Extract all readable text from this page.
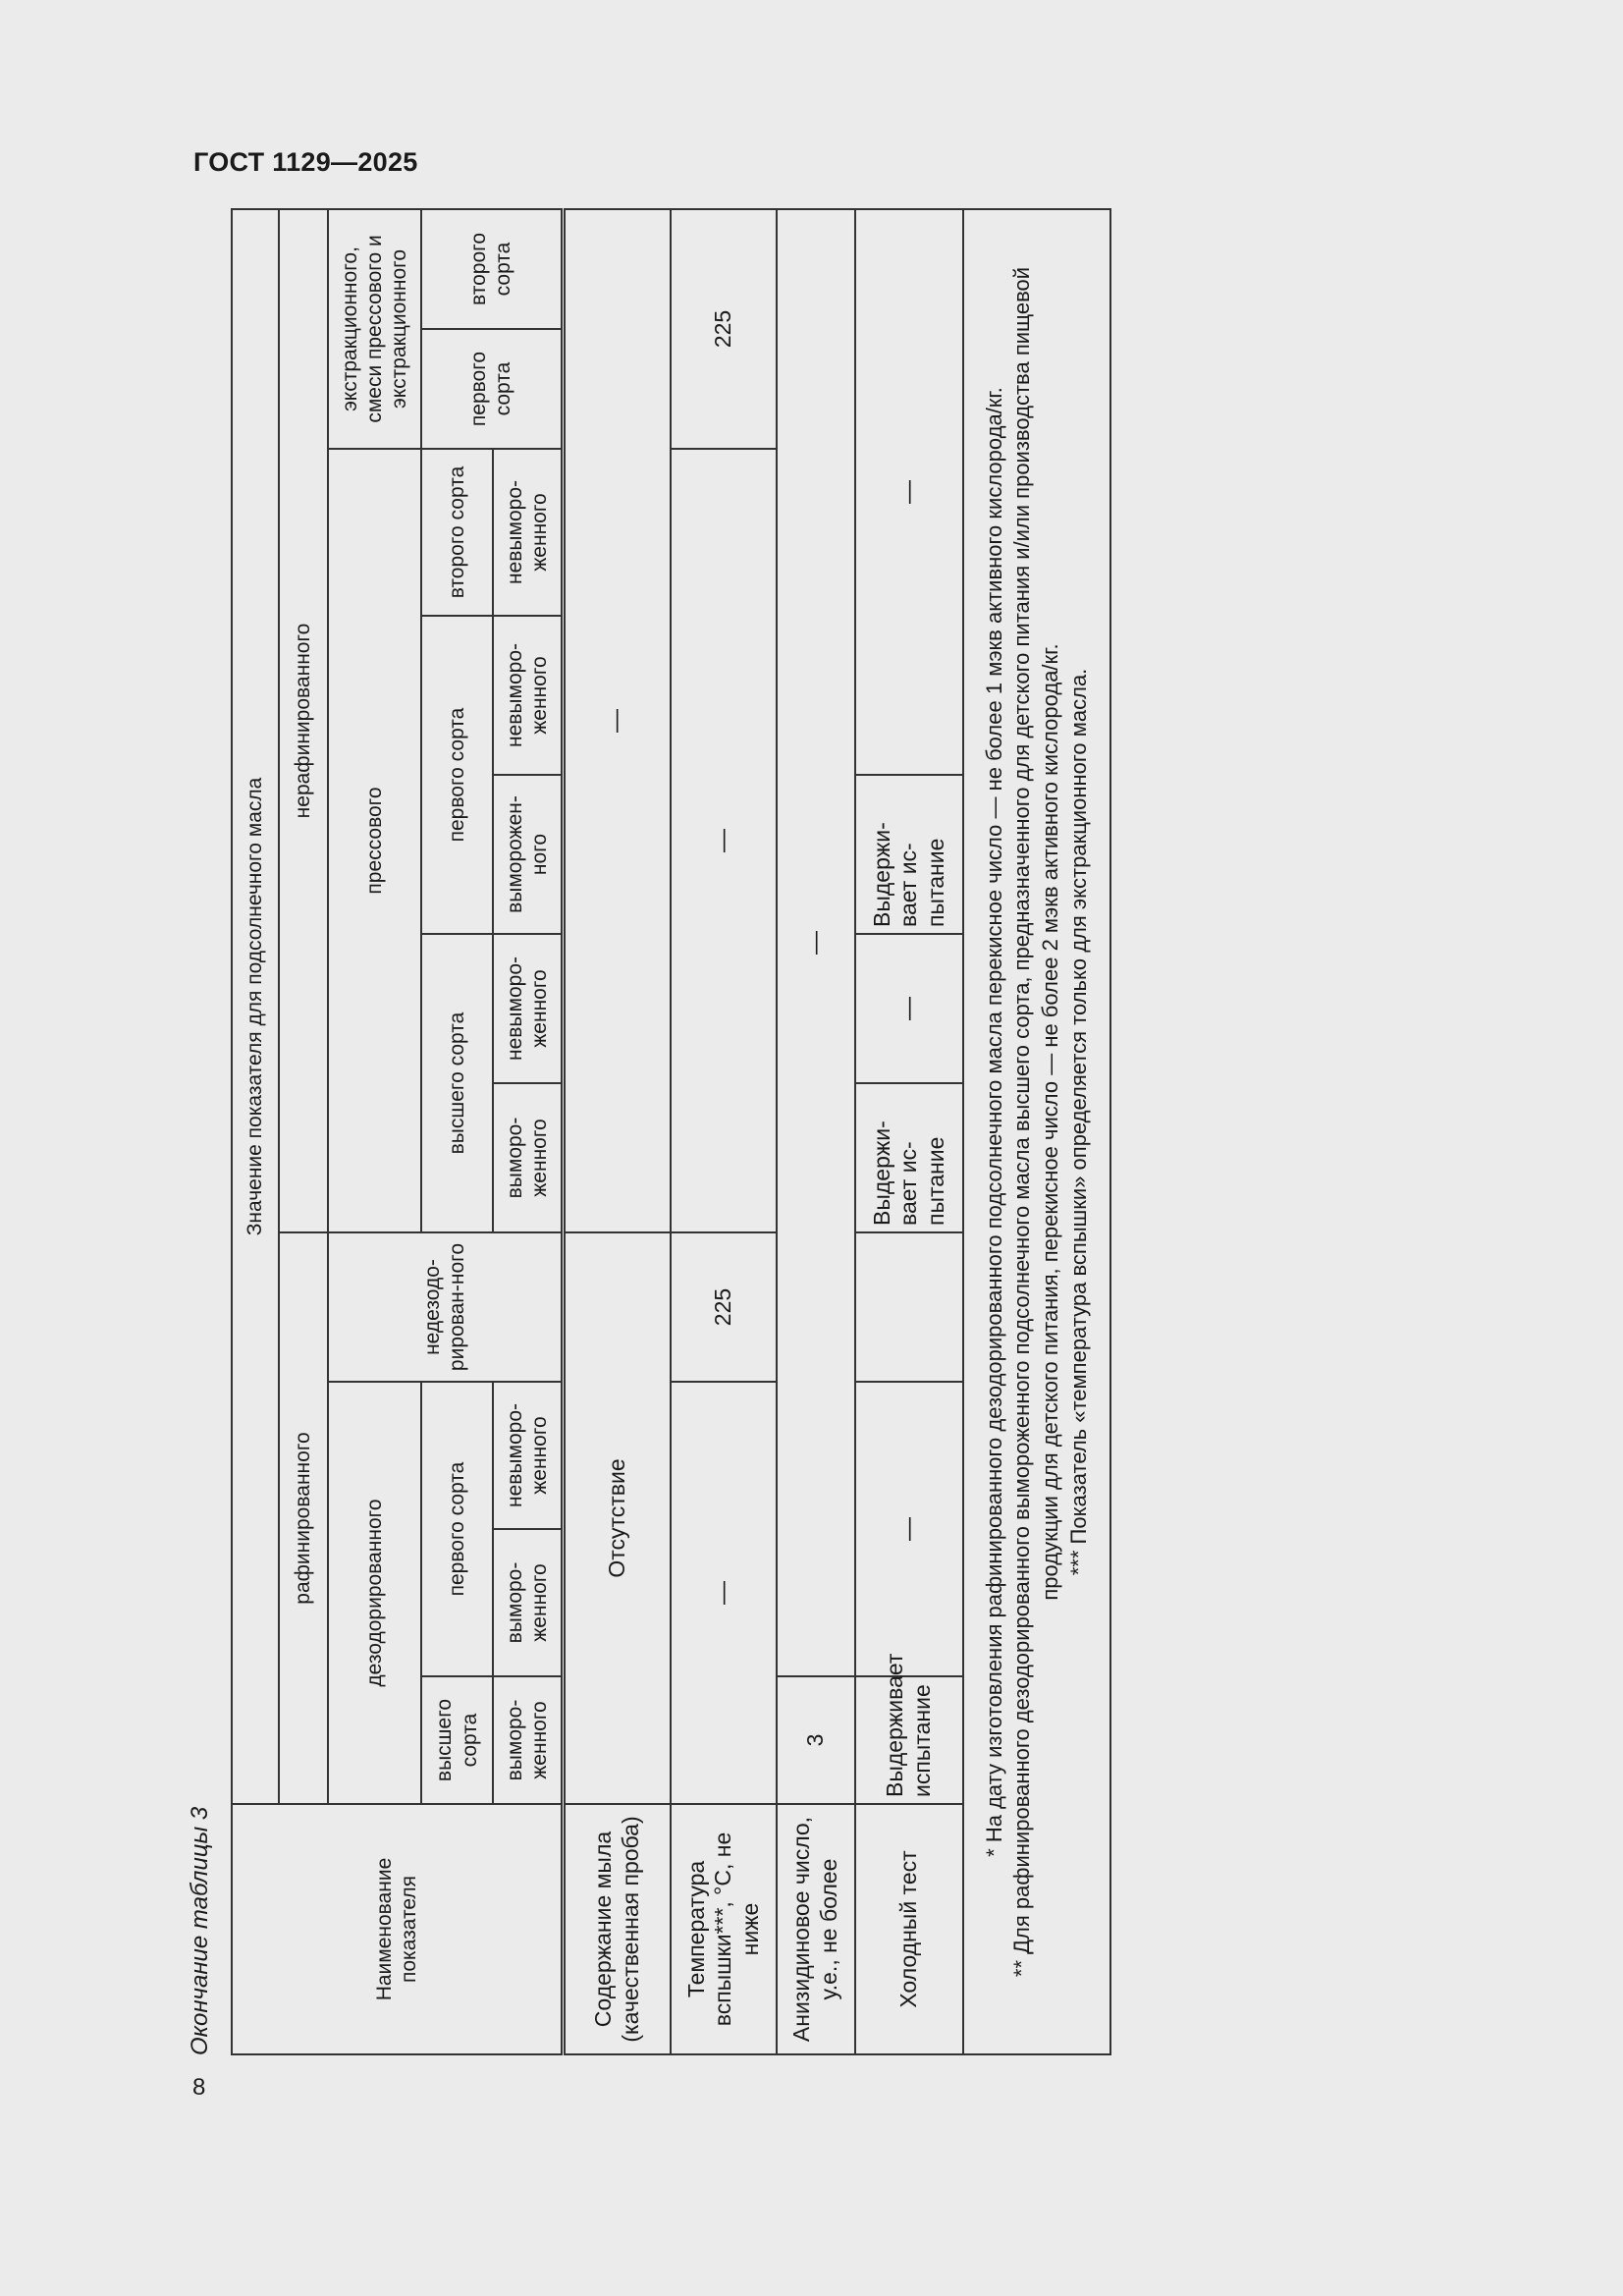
ГОСТ 1129—2025
Окончание таблицы 3	Наименование показателя	Значение показателя для подсолнечного масла										
	рафинированного				нерафинированного						
	дезодорированного			недезодо-рирован-ного	прессового					экстракционного, смеси прессового и экстракционного	
	высшего сорта	первого сорта			высшего сорта		первого сорта		второго сорта	первого сорта	второго сорта
	выморо-женного	выморо-женного	невыморо-женного		выморо-женного	невыморо-женного	выморожен-ного	невыморо-женного	невыморо-женного		
Содержание мыла (качественная проба)	Отсутствие				—						
Температура вспышки***, °С, не ниже	—			225	—					225	
Анизидиновое число, у.е., не более	3	—									
Холодный тест	Выдерживает испытание	—			Выдержи-вает ис-пытание	—	Выдержи-вает ис-пытание	—			

* На дату изготовления рафинированного дезодорированного подсолнечного масла перекисное число — не более 1 мэкв активного кислорода/кг. ** Для рафинированного дезодорированного вымороженного подсолнечного масла высшего сорта, предназначенного для детского питания и/или производства пищевой продукции для детского питания, перекисное число — не более 2 мэкв активного кислорода/кг. *** Показатель «температура вспышки» определяется только для экстракционного масла.											
8
